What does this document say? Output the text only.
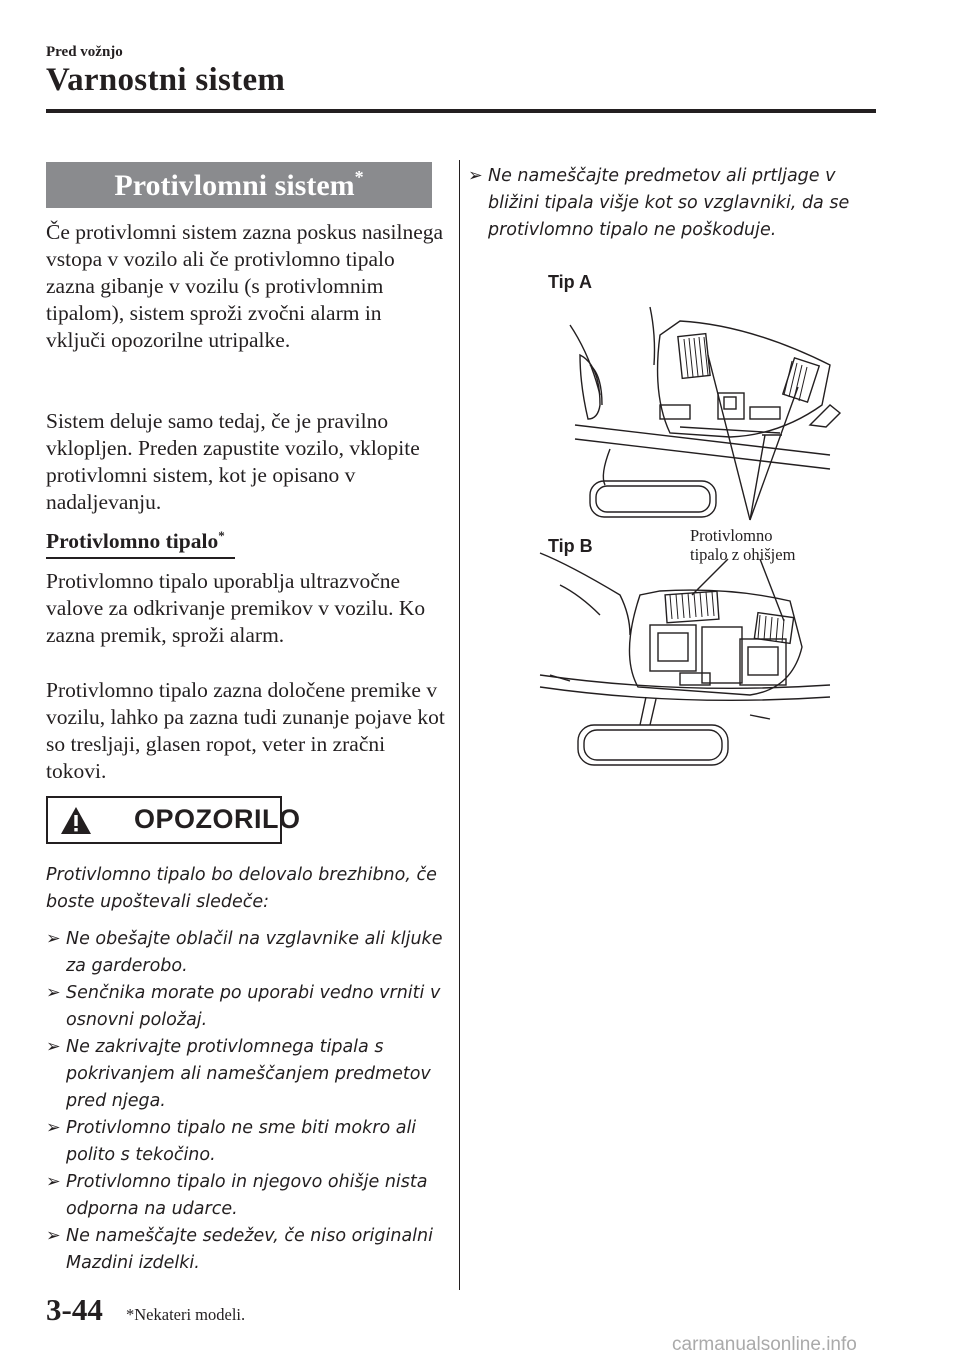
Pred vožnjo
Varnostni sistem
Protivlomni sistem*
Če protivlomni sistem zazna poskus nasilnega vstopa v vozilo ali če protivlomno tipalo zazna gibanje v vozilu (s protivlomnim tipalom), sistem sproži zvočni alarm in vključi opozorilne utripalke.
Sistem deluje samo tedaj, če je pravilno vklopljen. Preden zapustite vozilo, vklopite protivlomni sistem, kot je opisano v nadaljevanju.
Protivlomno tipalo*
Protivlomno tipalo uporablja ultrazvočne valove za odkrivanje premikov v vozilu. Ko zazna premik, sproži alarm.
Protivlomno tipalo zazna določene premike v vozilu, lahko pa zazna tudi zunanje pojave kot so tresljaji, glasen ropot, veter in zračni tokovi.
OPOZORILO
Protivlomno tipalo bo delovalo brezhibno, če boste upoštevali sledeče:
➢ Ne obešajte oblačil na vzglavnike ali kljuke za garderobo.
➢ Senčnika morate po uporabi vedno vrniti v osnovni položaj.
➢ Ne zakrivajte protivlomnega tipala s pokrivanjem ali nameščanjem predmetov pred njega.
➢ Protivlomno tipalo ne sme biti mokro ali polito s tekočino.
➢ Protivlomno tipalo in njegovo ohišje nista odporna na udarce.
➢ Ne nameščajte sedežev, če niso originalni Mazdini izdelki.
➢ Ne nameščajte predmetov ali prtljage v bližini tipala višje kot so vzglavniki, da se protivlomno tipalo ne poškoduje.
Tip A
Tip B
Protivlomno
tipalo z ohišjem
3-44 *Nekateri modeli.
carmanualsonline.info
